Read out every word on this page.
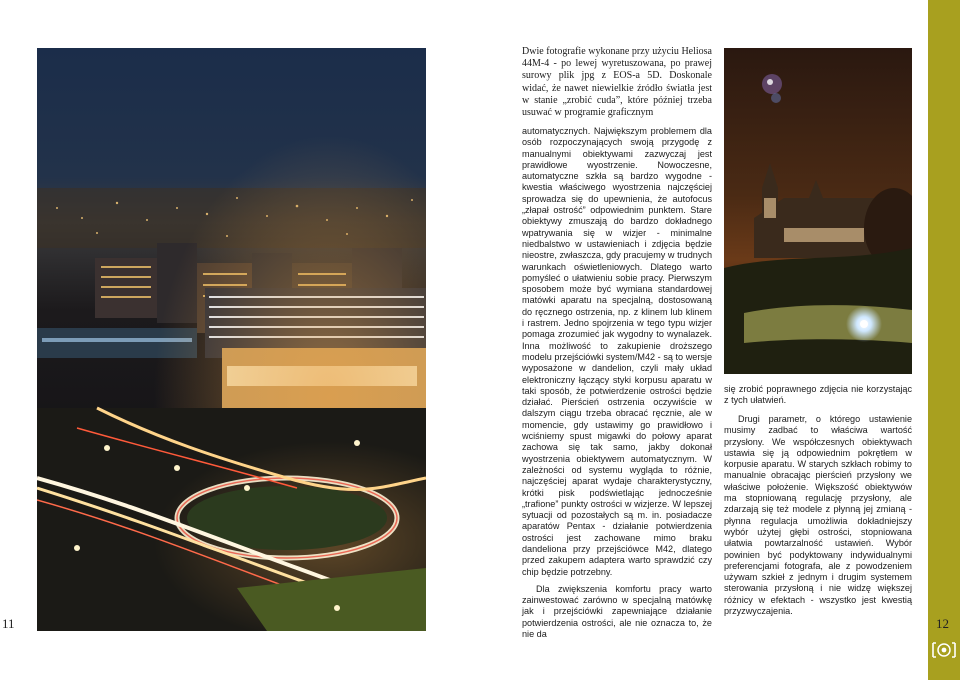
Dwie fotografie wykonane przy użyciu Heliosa 44M-4 - po lewej wyretuszowana, po prawej surowy plik jpg z EOS-a 5D. Doskonale widać, że nawet niewielkie źródło światła jest w stanie „zrobić cuda”, które później trzeba usuwać w programie graficznym

automatycznych. Największym problemem dla osób rozpoczynających swoją przygodę z manualnymi obiektywami zazwyczaj jest prawidłowe wyostrzenie. Nowoczesne, automatyczne szkła są bardzo wygodne - kwestia właściwego wyostrzenia najczęściej sprowadza się do upewnienia, że autofocus „złapał ostrość” odpowiednim punktem. Stare obiektywy zmuszają do bardzo dokładnego wpatrywania się w wizjer - minimalne niedbalstwo w ustawieniach i zdjęcia będzie nieostre, zwłaszcza, gdy pracujemy w trudnych warunkach oświetleniowych. Dlatego warto pomyśleć o ułatwieniu sobie pracy. Pierwszym sposobem może być wymiana standardowej matówki aparatu na specjalną, dostosowaną do ręcznego ostrzenia, np. z klinem lub klinem i rastrem. Jedno spojrzenia w tego typu wizjer pomaga zrozumieć jak wygodny to wynalazek. Inna możliwość to zakupienie droższego modelu przejściówki system/M42 - są to wersje wyposażone w dandelion, czyli mały układ elektroniczny łączący styki korpusu aparatu w taki sposób, że potwierdzenie ostrości będzie działać. Pierścień ostrzenia oczywiście w dalszym ciągu trzeba obracać ręcznie, ale w momencie, gdy ustawimy go prawidłowo i wciśniemy spust migawki do połowy aparat zachowa się tak samo, jakby dokonał wyostrzenia obiektywem automatycznym. W zależności od systemu wygląda to różnie, najczęściej aparat wydaje charakterystyczny, krótki pisk podświetlając jednocześnie „trafione” punkty ostrości w wizjerze. W lepszej sytuacji od pozostałych są m. in. posiadacze aparatów Pentax - działanie potwierdzenia ostrości jest zachowane mimo braku dandeliona przy przejściówce M42, dlatego przed zakupem adaptera warto sprawdzić czy chip będzie potrzebny.

Dla zwiększenia komfortu pracy warto zainwestować zarówno w specjalną matówkę jak i przejściówki zapewniające działanie potwierdzenia ostrości, ale nie oznacza to, że nie da

się zrobić poprawnego zdjęcia nie korzystając z tych ułatwień.

Drugi parametr, o którego ustawienie musimy zadbać to właściwa wartość przysłony. We współczesnych obiektywach ustawia się ją odpowiednim pokrętłem w korpusie aparatu. W starych szkłach robimy to manualnie obracając pierścień przysłony we właściwe położenie. Większość obiektywów ma stopniowaną regulację przysłony, ale zdarzają się też modele z płynną jej zmianą - płynna regulacja umożliwia dokładniejszy wybór użytej głębi ostrości, stopniowana ułatwia powtarzalność ustawień. Wybór powinien być podyktowany indywidualnymi preferencjami fotografa, ale z powodzeniem używam szkieł z jednym i drugim systemem sterowania przysłoną i nie widzę większej różnicy w efektach - wszystko jest kwestią przyzwyczajenia.

11	12
